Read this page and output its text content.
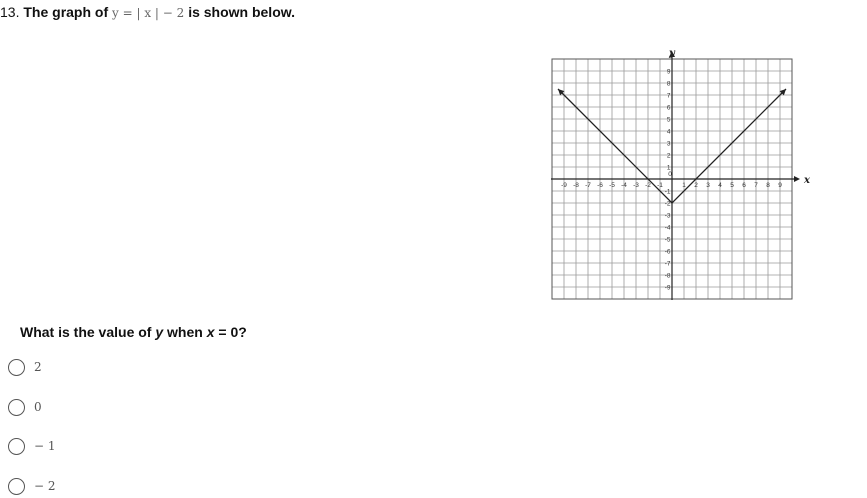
13. The graph of y = | x | − 2 is shown below.
x
y
-9 -8 -7 -6 -5 -4 -3 -2 -1
0
1 2 3 4 5 6 7 8 9
9
8
7
6
5
4
3
2
1
-1
-2
-3
-4
-5
-6
-7
-8
-9
What is the value of y when x = 0?
2
0
− 1
− 2
